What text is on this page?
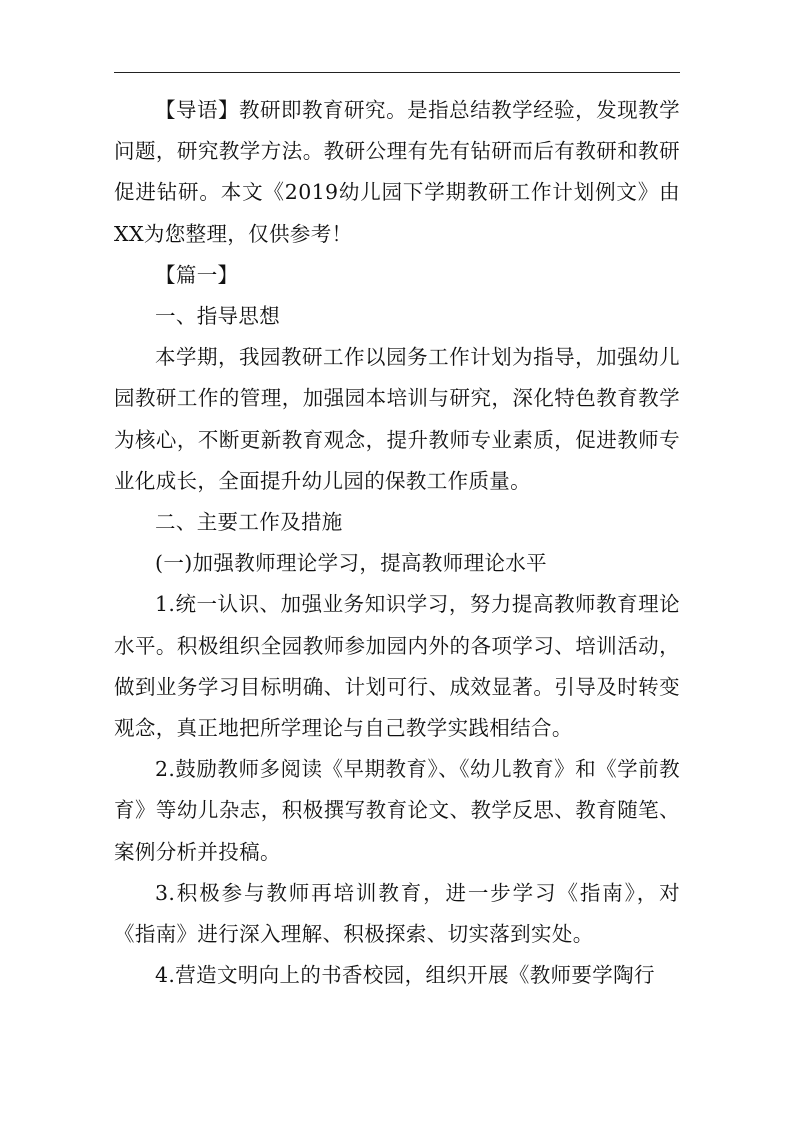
【导语】教研即教育研究。是指总结教学经验，发现教学问题，研究教学方法。教研公理有先有钻研而后有教研和教研促进钻研。本文《2019幼儿园下学期教研工作计划例文》由XX为您整理，仅供参考！

【篇一】

一、指导思想

本学期，我园教研工作以园务工作计划为指导，加强幼儿园教研工作的管理，加强园本培训与研究，深化特色教育教学为核心，不断更新教育观念，提升教师专业素质，促进教师专业化成长，全面提升幼儿园的保教工作质量。

二、主要工作及措施

(一)加强教师理论学习，提高教师理论水平

1.统一认识、加强业务知识学习，努力提高教师教育理论水平。积极组织全园教师参加园内外的各项学习、培训活动，做到业务学习目标明确、计划可行、成效显著。引导及时转变观念，真正地把所学理论与自己教学实践相结合。

2.鼓励教师多阅读《早期教育》、《幼儿教育》和《学前教育》等幼儿杂志，积极撰写教育论文、教学反思、教育随笔、案例分析并投稿。

3.积极参与教师再培训教育，进一步学习《指南》，对《指南》进行深入理解、积极探索、切实落到实处。

4.营造文明向上的书香校园，组织开展《教师要学陶行
